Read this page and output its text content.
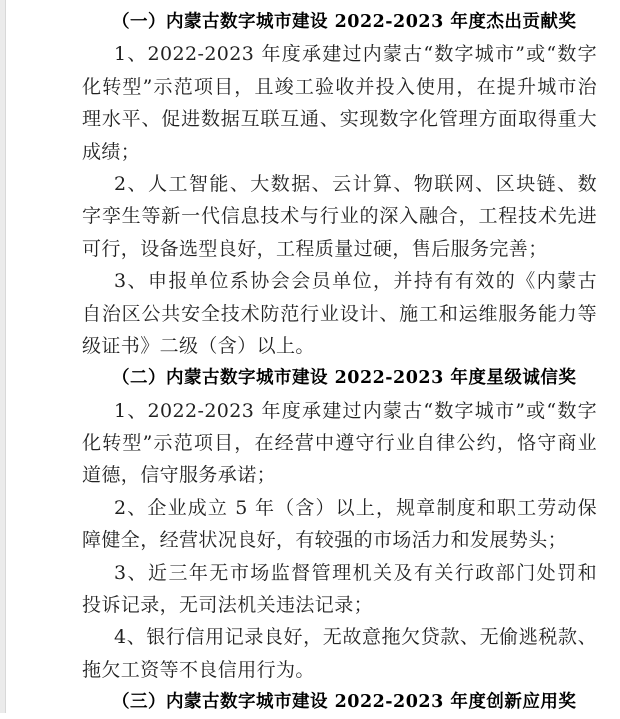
（一）内蒙古数字城市建设 2022-2023 年度杰出贡献奖
1、2022-2023 年度承建过内蒙古“数字城市”或“数字
化转型”示范项目，且竣工验收并投入使用，在提升城市治
理水平、促进数据互联互通、实现数字化管理方面取得重大
成绩；
2、人工智能、大数据、云计算、物联网、区块链、数
字孪生等新一代信息技术与行业的深入融合，工程技术先进
可行，设备选型良好，工程质量过硬，售后服务完善；
3、申报单位系协会会员单位，并持有有效的《内蒙古
自治区公共安全技术防范行业设计、施工和运维服务能力等
级证书》二级（含）以上。
（二）内蒙古数字城市建设 2022-2023 年度星级诚信奖
1、2022-2023 年度承建过内蒙古“数字城市”或“数字
化转型”示范项目，在经营中遵守行业自律公约，恪守商业
道德，信守服务承诺；
2、企业成立 5 年（含）以上，规章制度和职工劳动保
障健全，经营状况良好，有较强的市场活力和发展势头；
3、近三年无市场监督管理机关及有关行政部门处罚和
投诉记录，无司法机关违法记录；
4、银行信用记录良好，无故意拖欠贷款、无偷逃税款、
拖欠工资等不良信用行为。
（三）内蒙古数字城市建设 2022-2023 年度创新应用奖
